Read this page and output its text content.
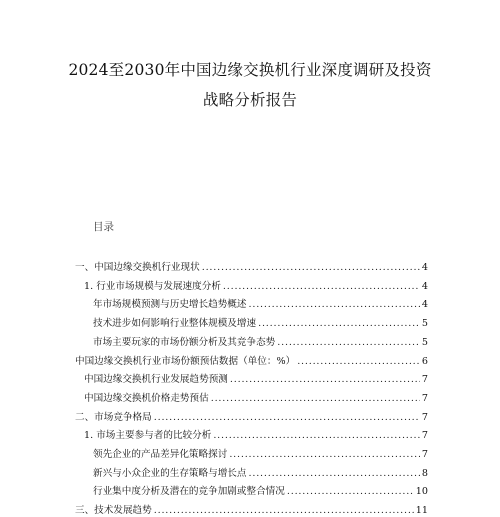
2024至2030年中国边缘交换机行业深度调研及投资
战略分析报告
目录
一、中国边缘交换机行业现状 .....	4
1. 行业市场规模与发展速度分析 .....	4
年市场规模预测与历史增长趋势概述 .....	4
技术进步如何影响行业整体规模及增速 .....	5
市场主要玩家的市场份额分析及其竞争态势 .....	5
中国边缘交换机行业市场份额预估数据（单位：%） .....	6
中国边缘交换机行业发展趋势预测 .....	7
中国边缘交换机价格走势预估 .....	7
二、市场竞争格局 .....	7
1. 市场主要参与者的比较分析 .....	7
领先企业的产品差异化策略探讨 .....	7
新兴与小众企业的生存策略与增长点 .....	8
行业集中度分析及潜在的竞争加剧或整合情况 .....	10
三、技术发展趋势 .....	11
